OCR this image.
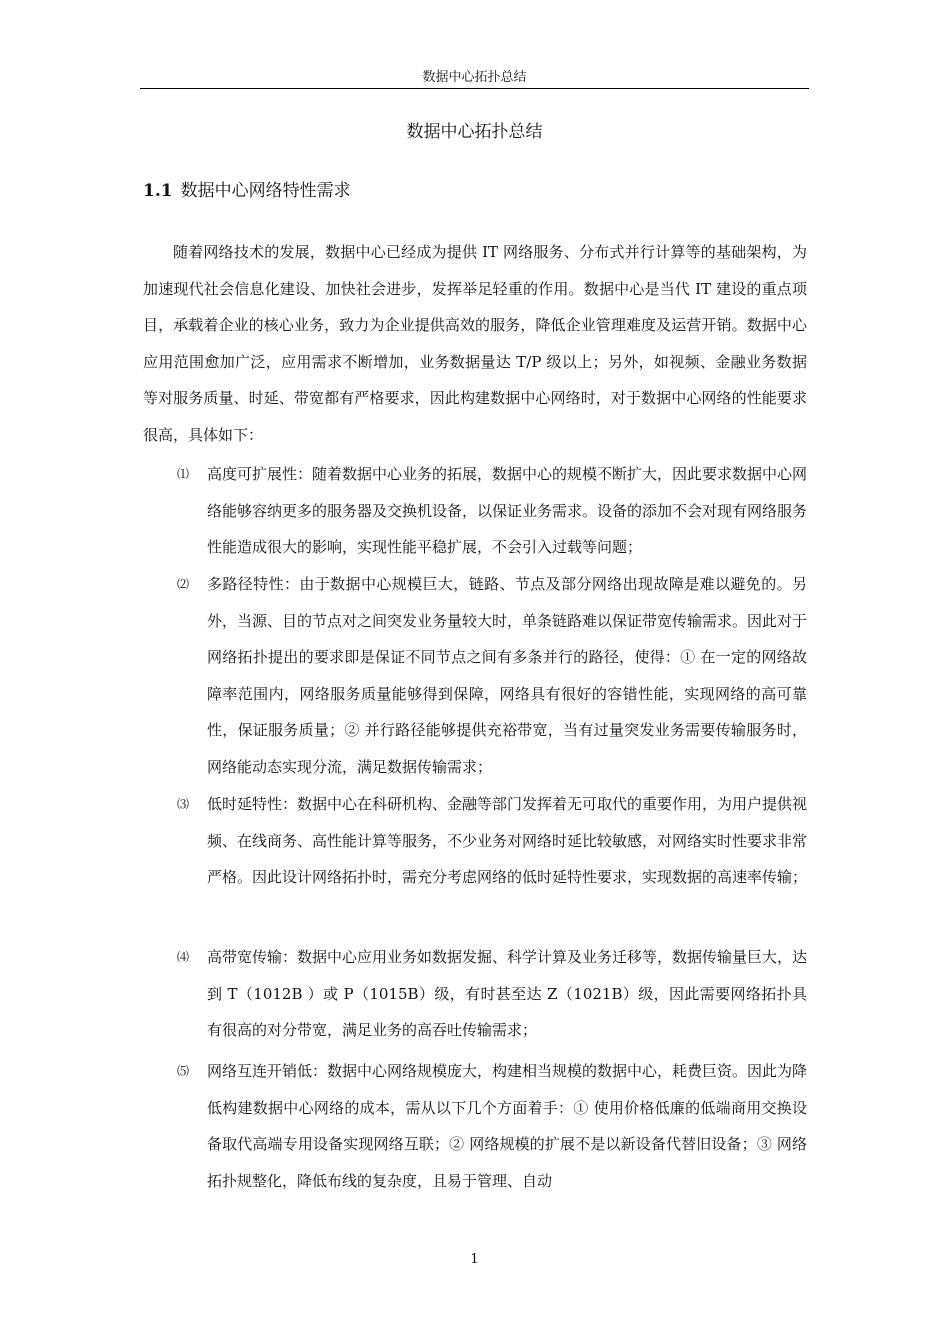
数据中心拓扑总结
数据中心拓扑总结
1.1 数据中心网络特性需求

随着网络技术的发展，数据中心已经成为提供 IT 网络服务、分布式并行计算等的基础架构，为加速现代社会信息化建设、加快社会进步，发挥举足轻重的作用。数据中心是当代 IT 建设的重点项目，承载着企业的核心业务，致力为企业提供高效的服务，降低企业管理难度及运营开销。数据中心应用范围愈加广泛，应用需求不断增加，业务数据量达 T/P 级以上；另外，如视频、金融业务数据等对服务质量、时延、带宽都有严格要求，因此构建数据中心网络时，对于数据中心网络的性能要求很高，具体如下：

⑴ 高度可扩展性：随着数据中心业务的拓展，数据中心的规模不断扩大，因此要求数据中心网络能够容纳更多的服务器及交换机设备，以保证业务需求。设备的添加不会对现有网络服务性能造成很大的影响，实现性能平稳扩展，不会引入过载等问题；
⑵ 多路径特性：由于数据中心规模巨大，链路、节点及部分网络出现故障是难以避免的。另外，当源、目的节点对之间突发业务量较大时，单条链路难以保证带宽传输需求。因此对于网络拓扑提出的要求即是保证不同节点之间有多条并行的路径，使得：① 在一定的网络故障率范围内，网络服务质量能够得到保障，网络具有很好的容错性能，实现网络的高可靠性，保证服务质量；② 并行路径能够提供充裕带宽，当有过量突发业务需要传输服务时，网络能动态实现分流，满足数据传输需求；
⑶ 低时延特性：数据中心在科研机构、金融等部门发挥着无可取代的重要作用，为用户提供视频、在线商务、高性能计算等服务，不少业务对网络时延比较敏感，对网络实时性要求非常严格。因此设计网络拓扑时，需充分考虑网络的低时延特性要求，实现数据的高速率传输；
⑷ 高带宽传输：数据中心应用业务如数据发掘、科学计算及业务迁移等，数据传输量巨大，达到 T（1012B ）或 P（1015B）级，有时甚至达 Z（1021B）级，因此需要网络拓扑具有很高的对分带宽，满足业务的高吞吐传输需求；
⑸ 网络互连开销低：数据中心网络规模庞大，构建相当规模的数据中心，耗费巨资。因此为降低构建数据中心网络的成本，需从以下几个方面着手：① 使用价格低廉的低端商用交换设备取代高端专用设备实现网络互联；② 网络规模的扩展不是以新设备代替旧设备；③ 网络拓扑规整化，降低布线的复杂度，且易于管理、自动
1
